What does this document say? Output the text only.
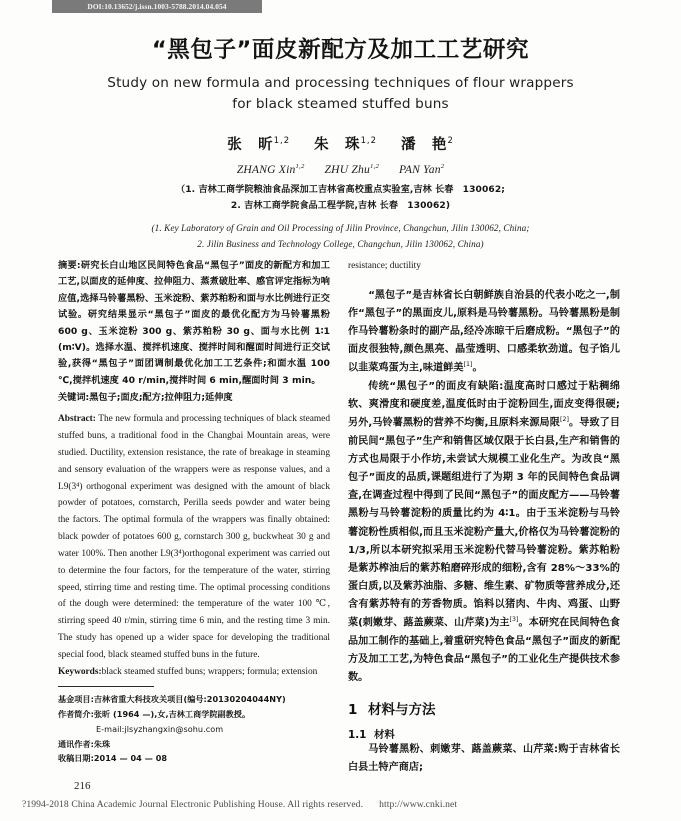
DOI:10.13652/j.issn.1003-5788.2014.04.054
“黑包子”面皮新配方及加工工艺研究
Study on new formula and processing techniques of flour wrappers
for black steamed stuffed buns
张　昕$^{1,2}$ 朱　珠$^{1,2}$ 潘　艳$^2$
ZHANG Xin$^{1,2}$ ZHU Zhu$^{1,2}$ PAN Yan$^2$
（1. 吉林工商学院粮油食品深加工吉林省高校重点实验室,吉林 长春　130062;
2. 吉林工商学院食品工程学院,吉林 长春　130062)
(1. Key Laboratory of Grain and Oil Processing of Jilin Province, Changchun, Jilin 130062, China;
2. Jilin Business and Technology College, Changchun, Jilin 130062, China)
摘要:研究长白山地区民间特色食品“黑包子”面皮的新配方和加工工艺,以面皮的延伸度、拉伸阻力、蒸煮破肚率、感官评定指标为响应值,选择马铃薯黑粉、玉米淀粉、紫苏粕粉和面与水比例进行正交试验。研究结果显示“黑包子”面皮的最优化配方为马铃薯黑粉 600 g、玉米淀粉 300 g、紫苏粕粉 30 g、面与水比例 1∶1 (m∶V)。选择水温、搅拌机速度、搅拌时间和醒面时间进行正交试验,获得“黑包子”面团调制最优化加工工艺条件;和面水温 100 ℃,搅拌机速度 40 r/min,搅拌时间 6 min,醒面时间 3 min。
关键词:黑包子;面皮;配方;拉伸阻力;延伸度
Abstract: The new formula and processing techniques of black steamed stuffed buns, a traditional food in the Changbai Mountain areas, were studied. Ductility, extension resistance, the rate of breakage in steaming and sensory evaluation of the wrappers were as response values, and a L9(3⁴) orthogonal experiment was designed with the amount of black powder of potatoes, cornstarch, Perilla seeds powder and water being the factors. The optimal formula of the wrappers was finally obtained: black powder of potatoes 600 g, cornstarch 300 g, buckwheat 30 g and water 100%. Then another L9(3⁴)orthogonal experiment was carried out to determine the four factors, for the temperature of the water, stirring speed, stirring time and resting time. The optimal processing conditions of the dough were determined: the temperature of the water 100 ℃, stirring speed 40 r/min, stirring time 6 min, and the resting time 3 min. The study has opened up a wider space for developing the traditional special food, black steamed stuffed buns in the future.
Keywords:black steamed stuffed buns; wrappers; formula; extension
基金项目:吉林省重大科技攻关项目(编号:20130204044NY)
作者简介:张昕 (1964 —),女,吉林工商学院副教授。
E-mail:jlsyzhangxin@sohu.com
通讯作者:朱珠
收稿日期:2014 — 04 — 08
216
resistance; ductility

“黑包子”是吉林省长白朝鲜族自治县的代表小吃之一,制作“黑包子”的黑面皮儿,原料是马铃薯黑粉。马铃薯黑粉是制作马铃薯粉条时的副产品,经冷冻晾干后磨成粉。“黑包子”的面皮很独特,颜色黑亮、晶莹透明、口感柔软劲道。包子馅儿以韭菜鸡蛋为主,味道鲜美[1]。

传统“黑包子”的面皮有缺陷:温度高时口感过于粘稠绵软、爽滑度和硬度差,温度低时由于淀粉回生,面皮变得很硬;另外,马铃薯黑粉的营养不均衡,且原料来源局限[2]。导致了目前民间“黑包子”生产和销售区域仅限于长白县,生产和销售的方式也局限于小作坊,未尝试大规模工业化生产。为改良“黑包子”面皮的品质,课题组进行了为期 3 年的民间特色食品调查,在调查过程中得到了民间“黑包子”的面皮配方——马铃薯黑粉与马铃薯淀粉的质量比约为 4∶1。由于玉米淀粉与马铃薯淀粉性质相似,而且玉米淀粉产量大,价格仅为马铃薯淀粉的 1/3,所以本研究拟采用玉米淀粉代替马铃薯淀粉。紫苏粕粉是紫苏榨油后的紫苏粕磨碎形成的细粉,含有 28%～33%的蛋白质,以及紫苏油脂、多糖、维生素、矿物质等营养成分,还含有紫苏特有的芳香物质。馅料以猪肉、牛肉、鸡蛋、山野菜(刺嫩芽、蕗盖蕨菜、山芹菜)为主[3]。本研究在民间特色食品加工制作的基础上,着重研究特色食品“黑包子”面皮的新配方及加工工艺,为特色食品“黑包子”的工业化生产提供技术参数。

1 材料与方法
1.1 材料

马铃薯黑粉、刺嫩芽、蕗盖蕨菜、山芹菜:购于吉林省长白县土特产商店;

?1994-2018 China Academic Journal Electronic Publishing House. All rights reserved. http://www.cnki.net
